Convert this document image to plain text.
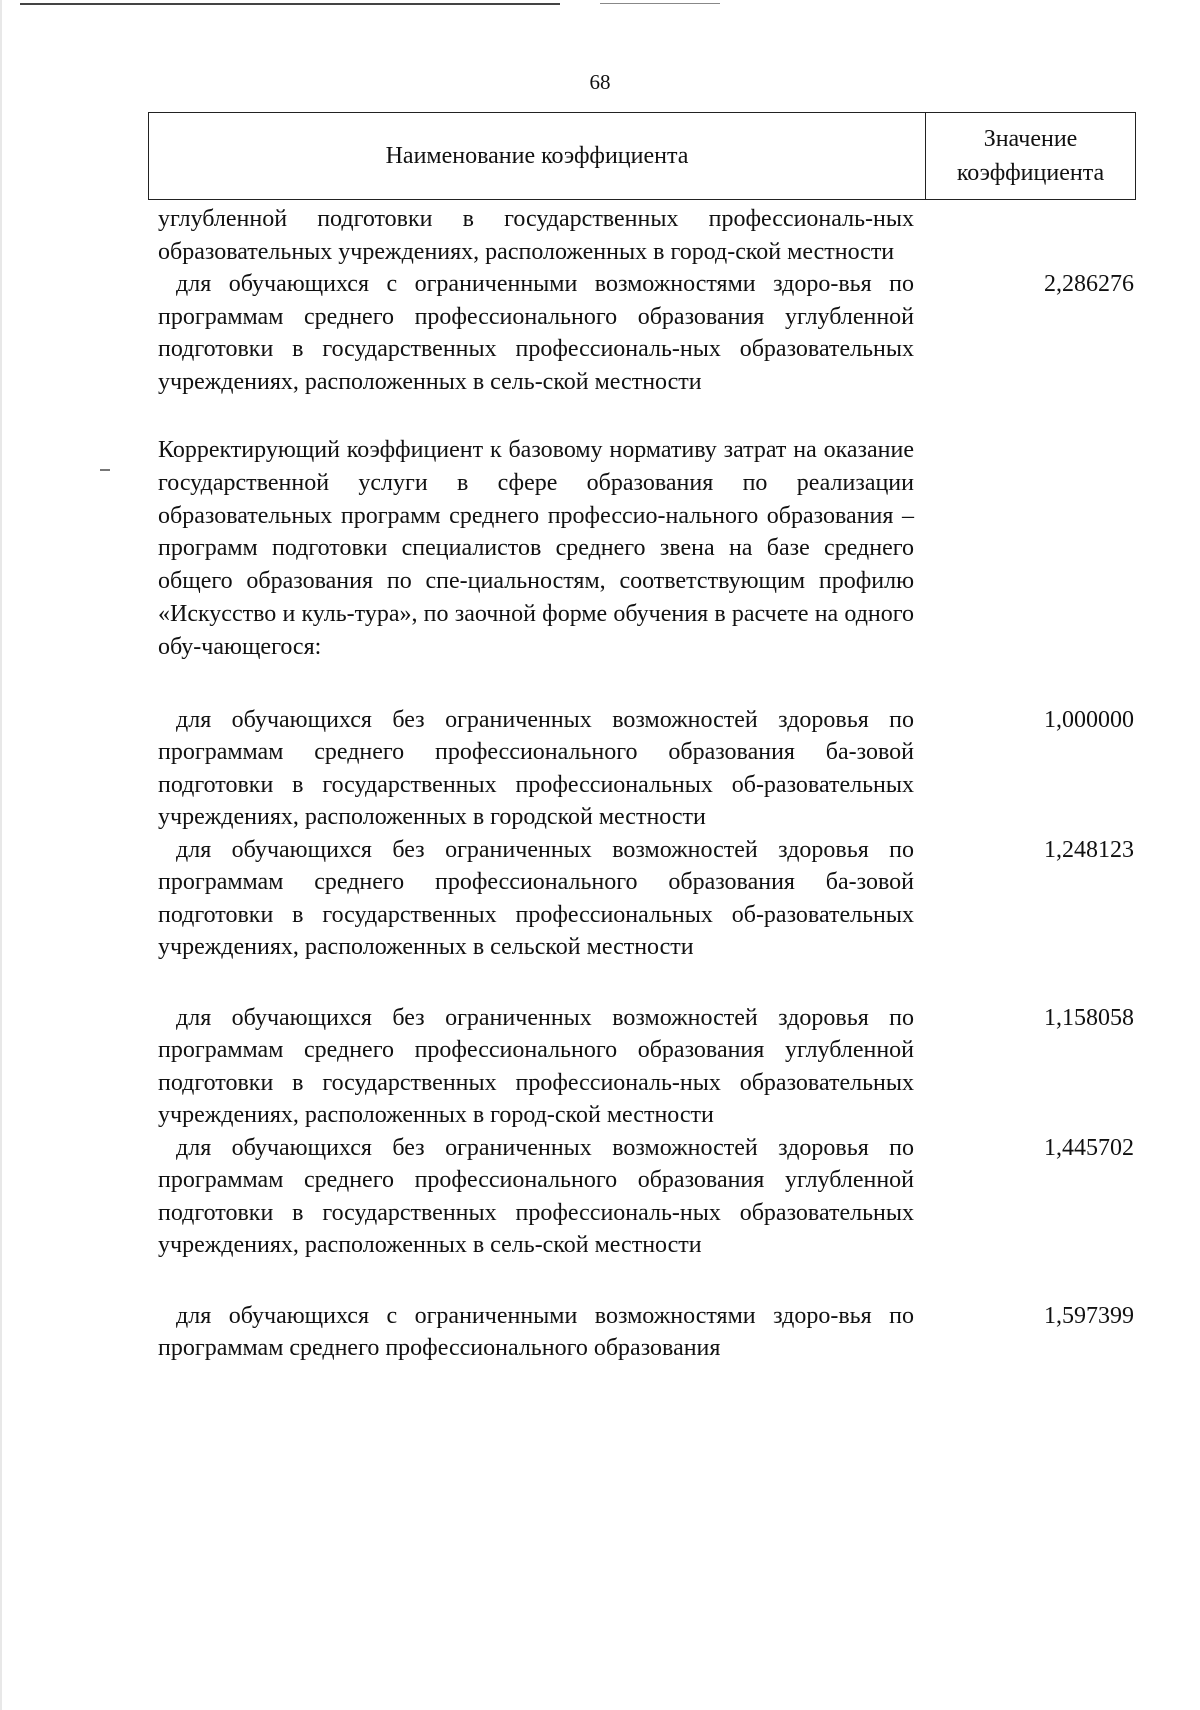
68
Наименование коэффициента
Значение коэффициента
углубленной подготовки в государственных профессиональ-ных образовательных учреждениях, расположенных в город-ской местности
для обучающихся с ограниченными возможностями здоро-вья по программам среднего профессионального образования углубленной подготовки в государственных профессиональ-ных образовательных учреждениях, расположенных в сель-ской местности
2,286276
Корректирующий коэффициент к базовому нормативу затрат на оказание государственной услуги в сфере образования по реализации образовательных программ среднего профессио-нального образования – программ подготовки специалистов среднего звена на базе среднего общего образования по спе-циальностям, соответствующим профилю «Искусство и куль-тура», по заочной форме обучения в расчете на одного обу-чающегося:
для обучающихся без ограниченных возможностей здоровья по программам среднего профессионального образования ба-зовой подготовки в государственных профессиональных об-разовательных учреждениях, расположенных в городской местности
1,000000
для обучающихся без ограниченных возможностей здоровья по программам среднего профессионального образования ба-зовой подготовки в государственных профессиональных об-разовательных учреждениях, расположенных в сельской местности
1,248123
для обучающихся без ограниченных возможностей здоровья по программам среднего профессионального образования углубленной подготовки в государственных профессиональ-ных образовательных учреждениях, расположенных в город-ской местности
1,158058
для обучающихся без ограниченных возможностей здоровья по программам среднего профессионального образования углубленной подготовки в государственных профессиональ-ных образовательных учреждениях, расположенных в сель-ской местности
1,445702
для обучающихся с ограниченными возможностями здоро-вья по программам среднего профессионального образования
1,597399
